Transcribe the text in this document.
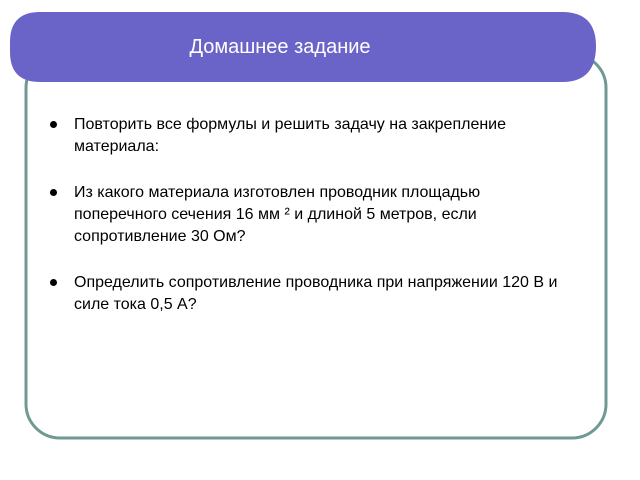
Домашнее задание
Повторить все формулы и решить задачу на закрепление материала:
Из какого материала изготовлен проводник площадью поперечного сечения 16 мм ² и длиной 5 метров, если сопротивление 30 Ом?
Определить сопротивление проводника при напряжении 120 В и силе тока 0,5 А?
